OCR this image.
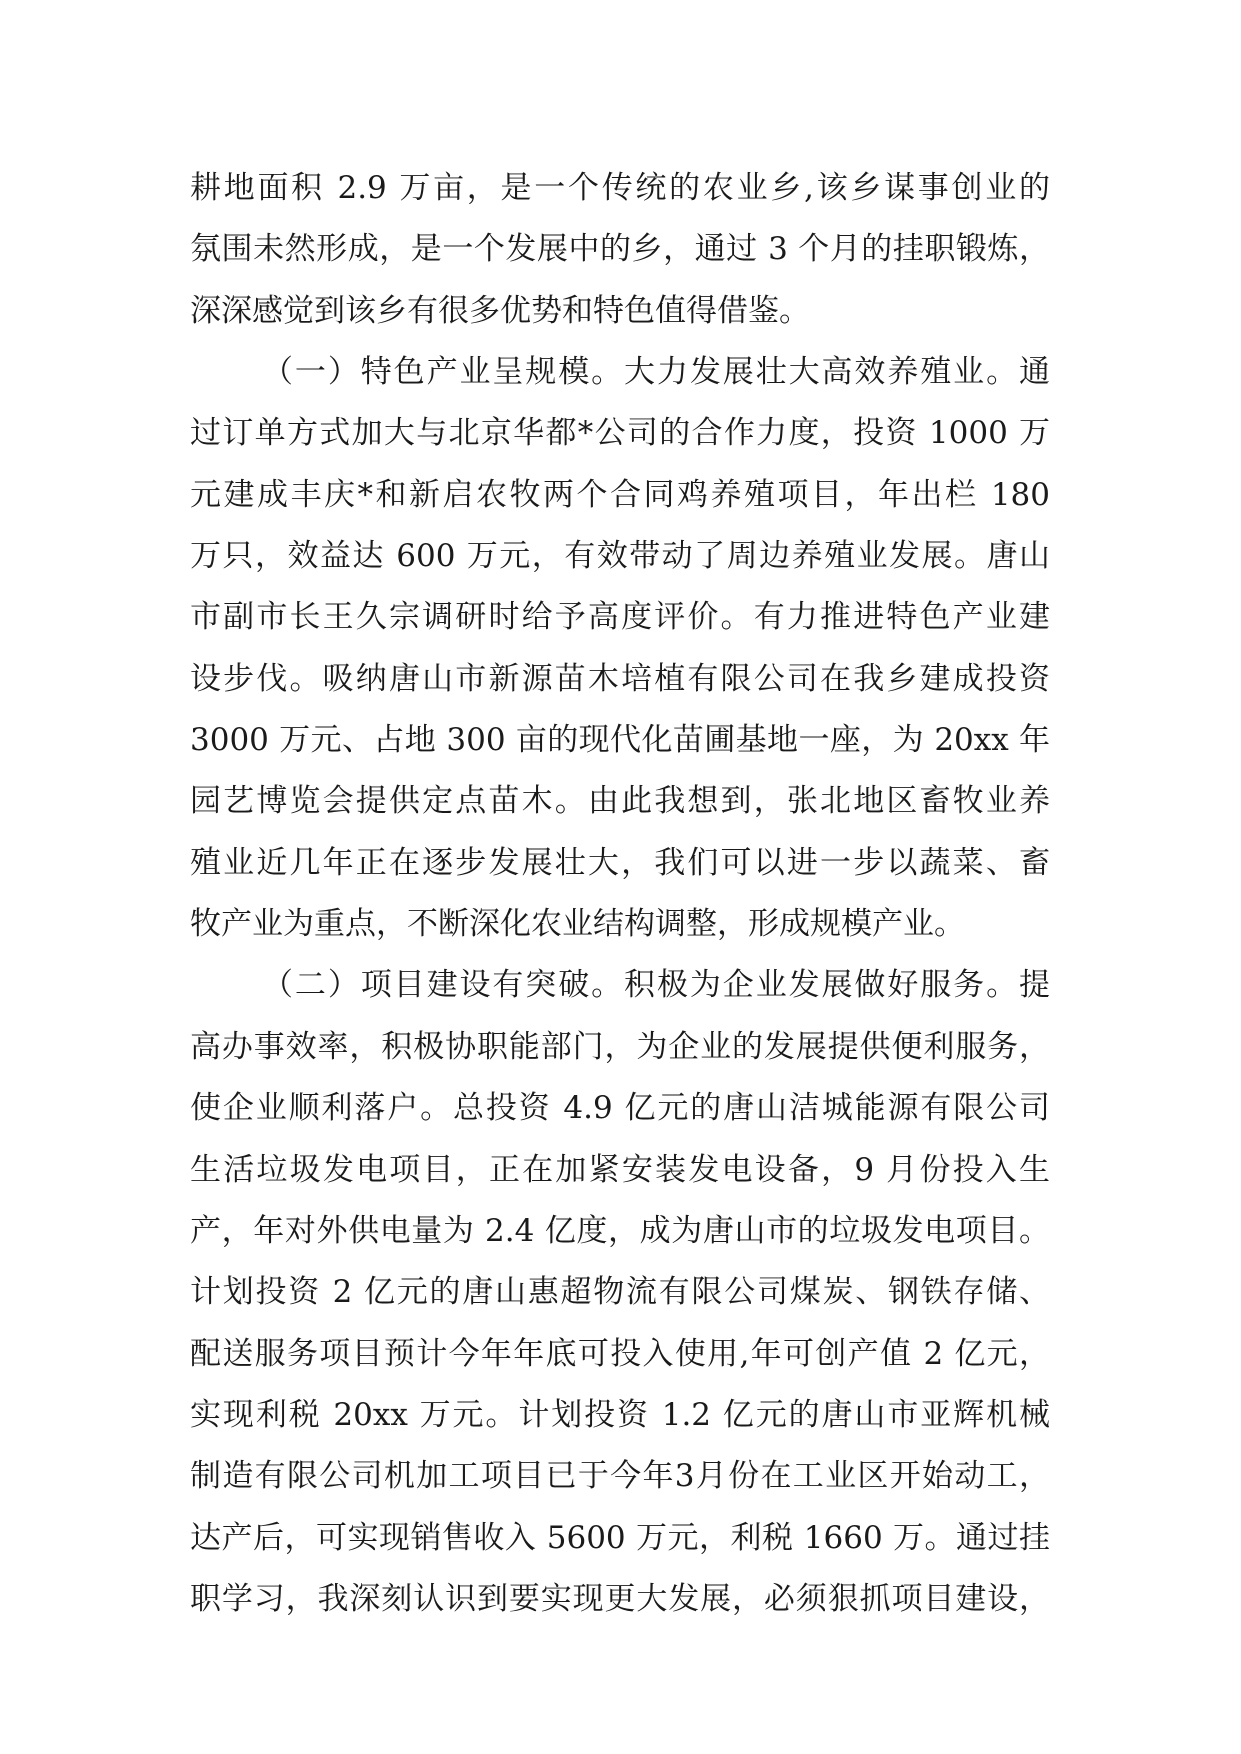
耕地面积 2.9 万亩，是一个传统的农业乡,该乡谋事创业的
氛围未然形成，是一个发展中的乡，通过 3 个月的挂职锻炼，
深深感觉到该乡有很多优势和特色值得借鉴。
（一）特色产业呈规模。大力发展壮大高效养殖业。通
过订单方式加大与北京华都*公司的合作力度，投资 1000 万
元建成丰庆*和新启农牧两个合同鸡养殖项目，年出栏 180
万只，效益达 600 万元，有效带动了周边养殖业发展。唐山
市副市长王久宗调研时给予高度评价。有力推进特色产业建
设步伐。吸纳唐山市新源苗木培植有限公司在我乡建成投资
3000 万元、占地 300 亩的现代化苗圃基地一座，为 20xx 年
园艺博览会提供定点苗木。由此我想到，张北地区畜牧业养
殖业近几年正在逐步发展壮大，我们可以进一步以蔬菜、畜
牧产业为重点，不断深化农业结构调整，形成规模产业。
（二）项目建设有突破。积极为企业发展做好服务。提
高办事效率，积极协职能部门，为企业的发展提供便利服务，
使企业顺利落户。总投资 4.9 亿元的唐山洁城能源有限公司
生活垃圾发电项目，正在加紧安装发电设备，9 月份投入生
产，年对外供电量为 2.4 亿度，成为唐山市的垃圾发电项目。
计划投资 2 亿元的唐山惠超物流有限公司煤炭、钢铁存储、
配送服务项目预计今年年底可投入使用,年可创产值 2 亿元，
实现利税 20xx 万元。计划投资 1.2 亿元的唐山市亚辉机械
制造有限公司机加工项目已于今年3月份在工业区开始动工，
达产后，可实现销售收入 5600 万元，利税 1660 万。通过挂
职学习，我深刻认识到要实现更大发展，必须狠抓项目建设，
